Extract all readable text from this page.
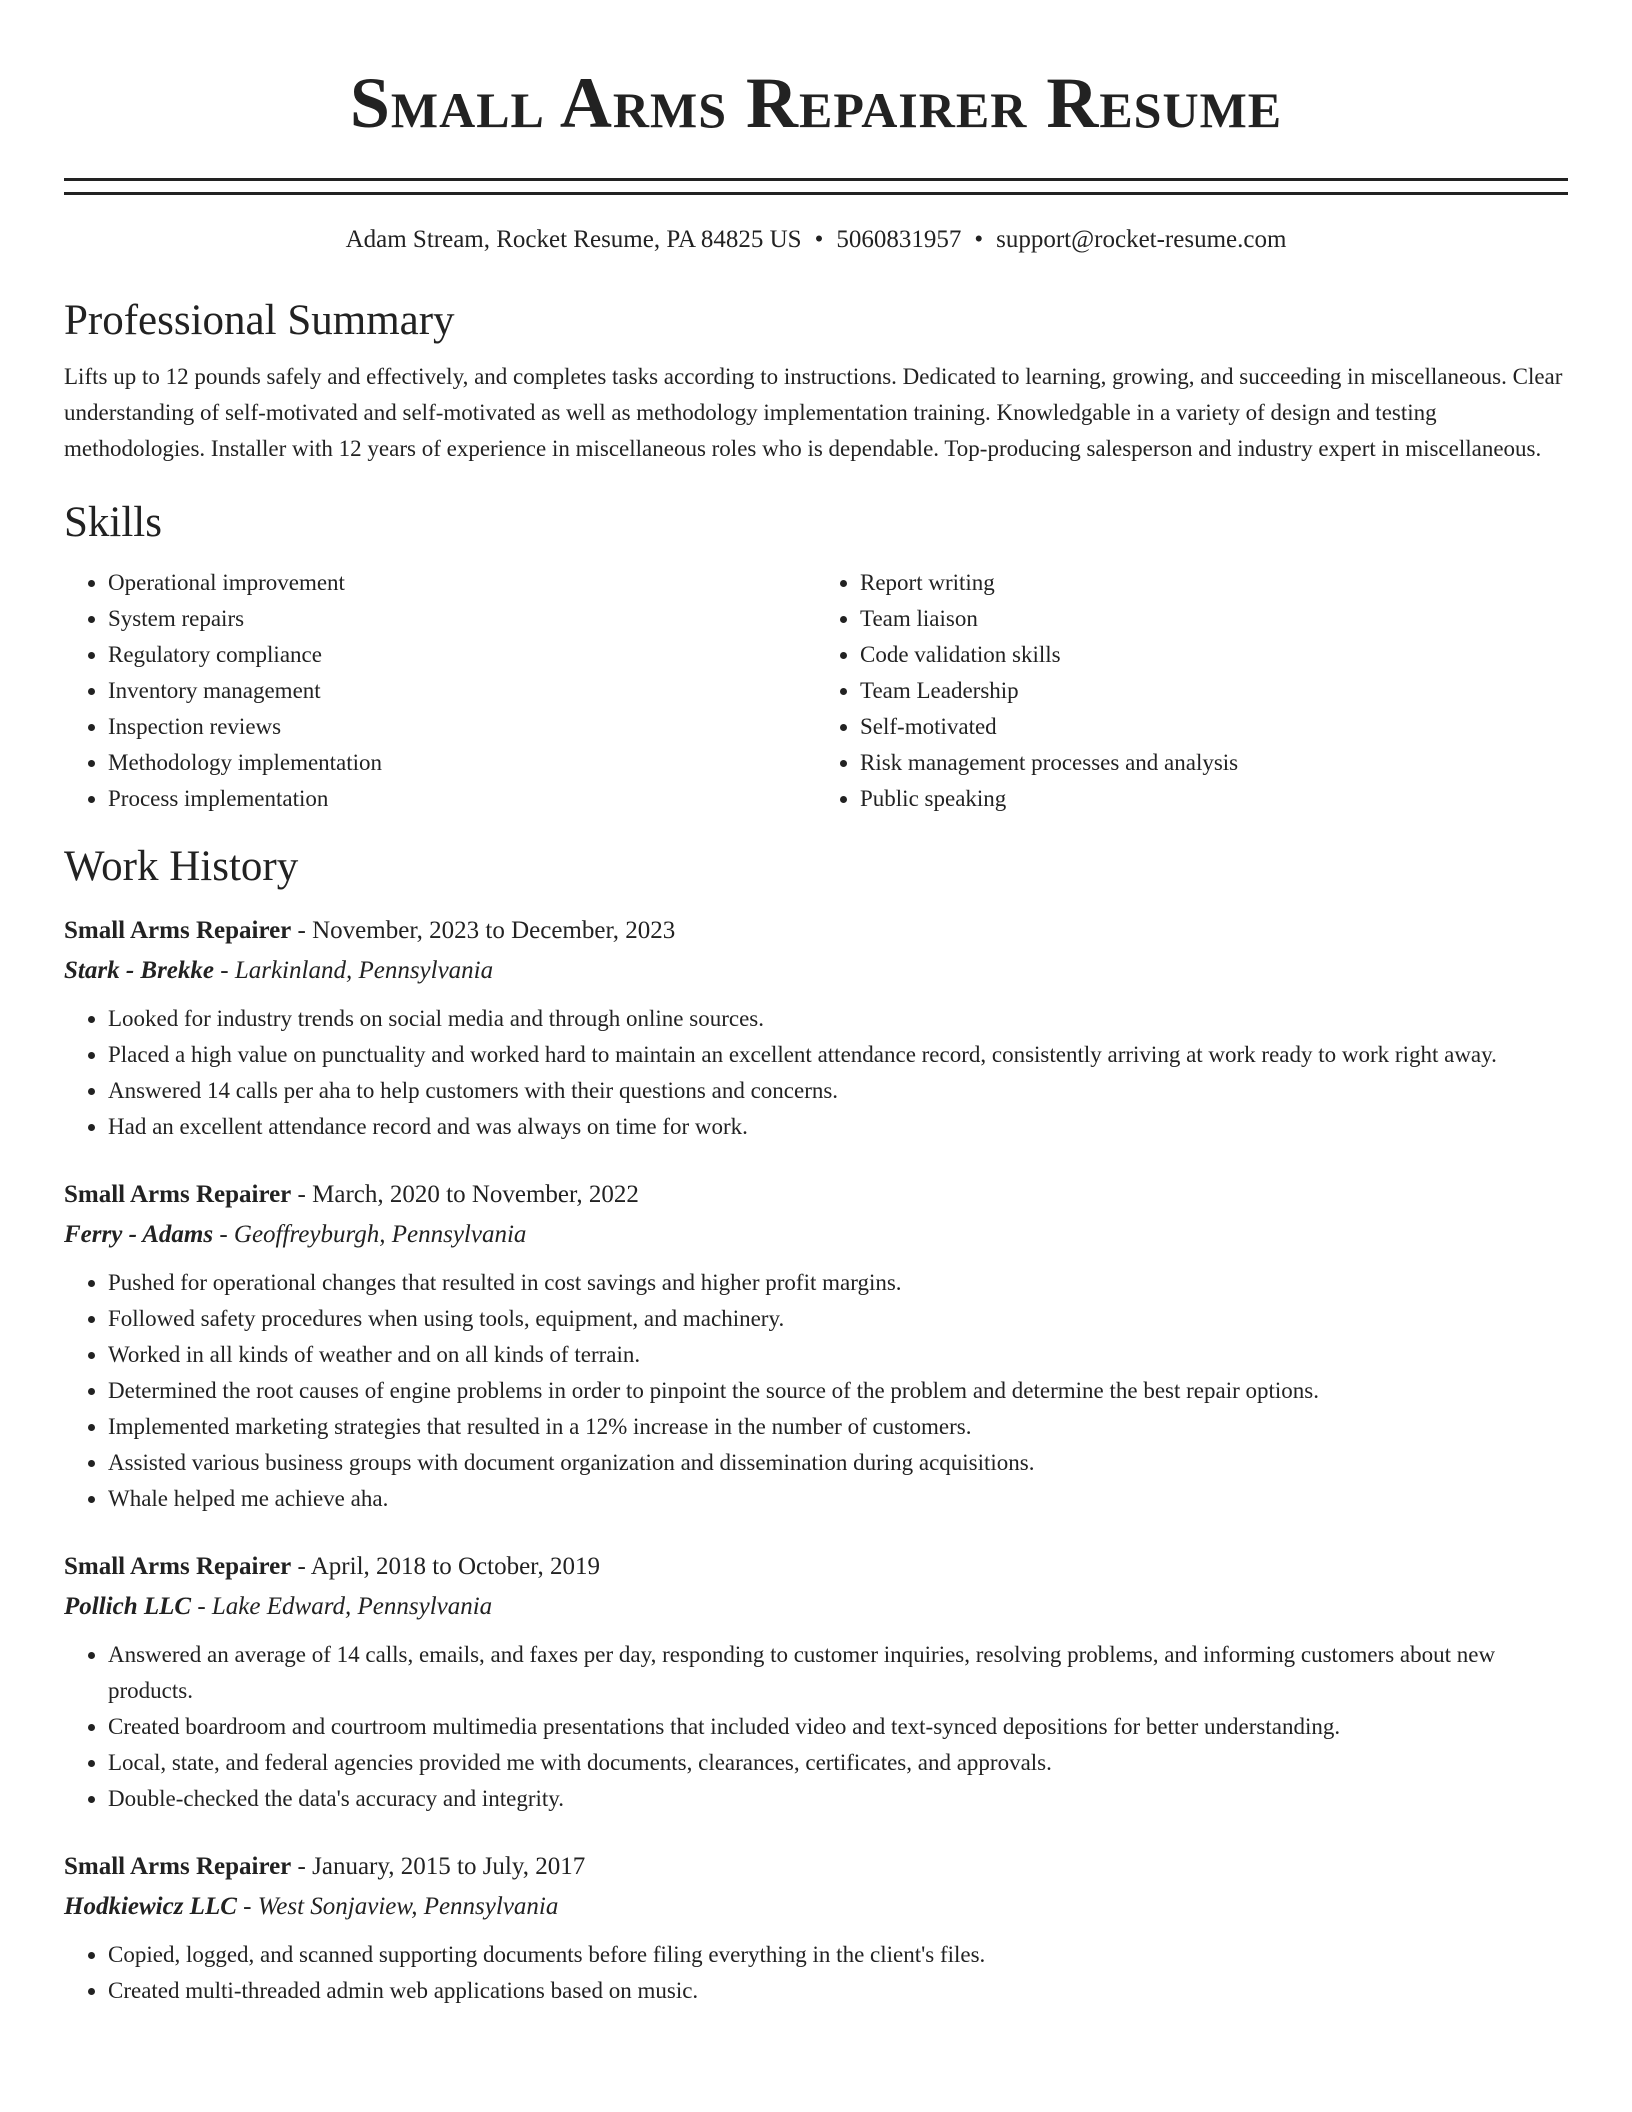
Small Arms Repairer Resume
Adam Stream, Rocket Resume, PA 84825 US • 5060831957 • support@rocket-resume.com
Professional Summary

Lifts up to 12 pounds safely and effectively, and completes tasks according to instructions. Dedicated to learning, growing, and succeeding in miscellaneous. Clear understanding of self-motivated and self-motivated as well as methodology implementation training. Knowledgable in a variety of design and testing methodologies. Installer with 12 years of experience in miscellaneous roles who is dependable. Top-producing salesperson and industry expert in miscellaneous.

Skills
• Operational improvement
• System repairs
• Regulatory compliance
• Inventory management
• Inspection reviews
• Methodology implementation
• Process implementation
• Report writing
• Team liaison
• Code validation skills
• Team Leadership
• Self-motivated
• Risk management processes and analysis
• Public speaking
Work History
Small Arms Repairer - November, 2023 to December, 2023
Stark - Brekke - Larkinland, Pennsylvania
• Looked for industry trends on social media and through online sources.
• Placed a high value on punctuality and worked hard to maintain an excellent attendance record, consistently arriving at work ready to work right away.
• Answered 14 calls per aha to help customers with their questions and concerns.
• Had an excellent attendance record and was always on time for work.
Small Arms Repairer - March, 2020 to November, 2022
Ferry - Adams - Geoffreyburgh, Pennsylvania
• Pushed for operational changes that resulted in cost savings and higher profit margins.
• Followed safety procedures when using tools, equipment, and machinery.
• Worked in all kinds of weather and on all kinds of terrain.
• Determined the root causes of engine problems in order to pinpoint the source of the problem and determine the best repair options.
• Implemented marketing strategies that resulted in a 12% increase in the number of customers.
• Assisted various business groups with document organization and dissemination during acquisitions.
• Whale helped me achieve aha.
Small Arms Repairer - April, 2018 to October, 2019
Pollich LLC - Lake Edward, Pennsylvania
• Answered an average of 14 calls, emails, and faxes per day, responding to customer inquiries, resolving problems, and informing customers about new products.
• Created boardroom and courtroom multimedia presentations that included video and text-synced depositions for better understanding.
• Local, state, and federal agencies provided me with documents, clearances, certificates, and approvals.
• Double-checked the data's accuracy and integrity.
Small Arms Repairer - January, 2015 to July, 2017
Hodkiewicz LLC - West Sonjaview, Pennsylvania
• Copied, logged, and scanned supporting documents before filing everything in the client's files.
• Created multi-threaded admin web applications based on music.
